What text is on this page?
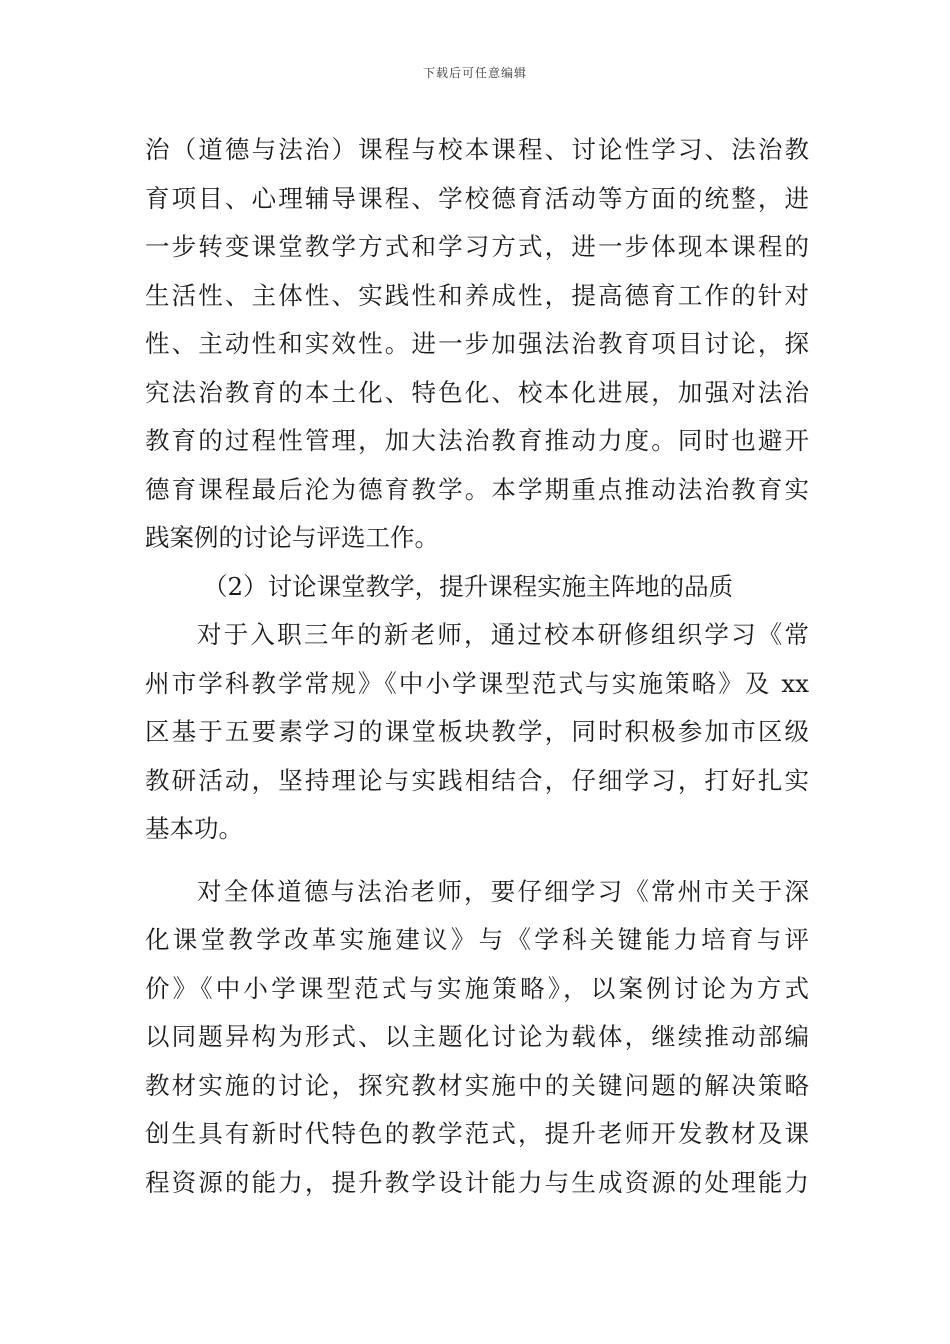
下载后可任意编辑
治（道德与法治）课程与校本课程、讨论性学习、法治教
育项目、心理辅导课程、学校德育活动等方面的统整，进
一步转变课堂教学方式和学习方式，进一步体现本课程的
生活性、主体性、实践性和养成性，提高德育工作的针对
性、主动性和实效性。进一步加强法治教育项目讨论，探
究法治教育的本土化、特色化、校本化进展，加强对法治
教育的过程性管理，加大法治教育推动力度。同时也避开
德育课程最后沦为德育教学。本学期重点推动法治教育实
践案例的讨论与评选工作。
（2）讨论课堂教学，提升课程实施主阵地的品质
对于入职三年的新老师，通过校本研修组织学习《常
州市学科教学常规》《中小学课型范式与实施策略》及 xx
区基于五要素学习的课堂板块教学，同时积极参加市区级
教研活动，坚持理论与实践相结合，仔细学习，打好扎实
基本功。
对全体道德与法治老师，要仔细学习《常州市关于深
化课堂教学改革实施建议》与《学科关键能力培育与评
价》《中小学课型范式与实施策略》，以案例讨论为方式
以同题异构为形式、以主题化讨论为载体，继续推动部编
教材实施的讨论，探究教材实施中的关键问题的解决策略
创生具有新时代特色的教学范式，提升老师开发教材及课
程资源的能力，提升教学设计能力与生成资源的处理能力
